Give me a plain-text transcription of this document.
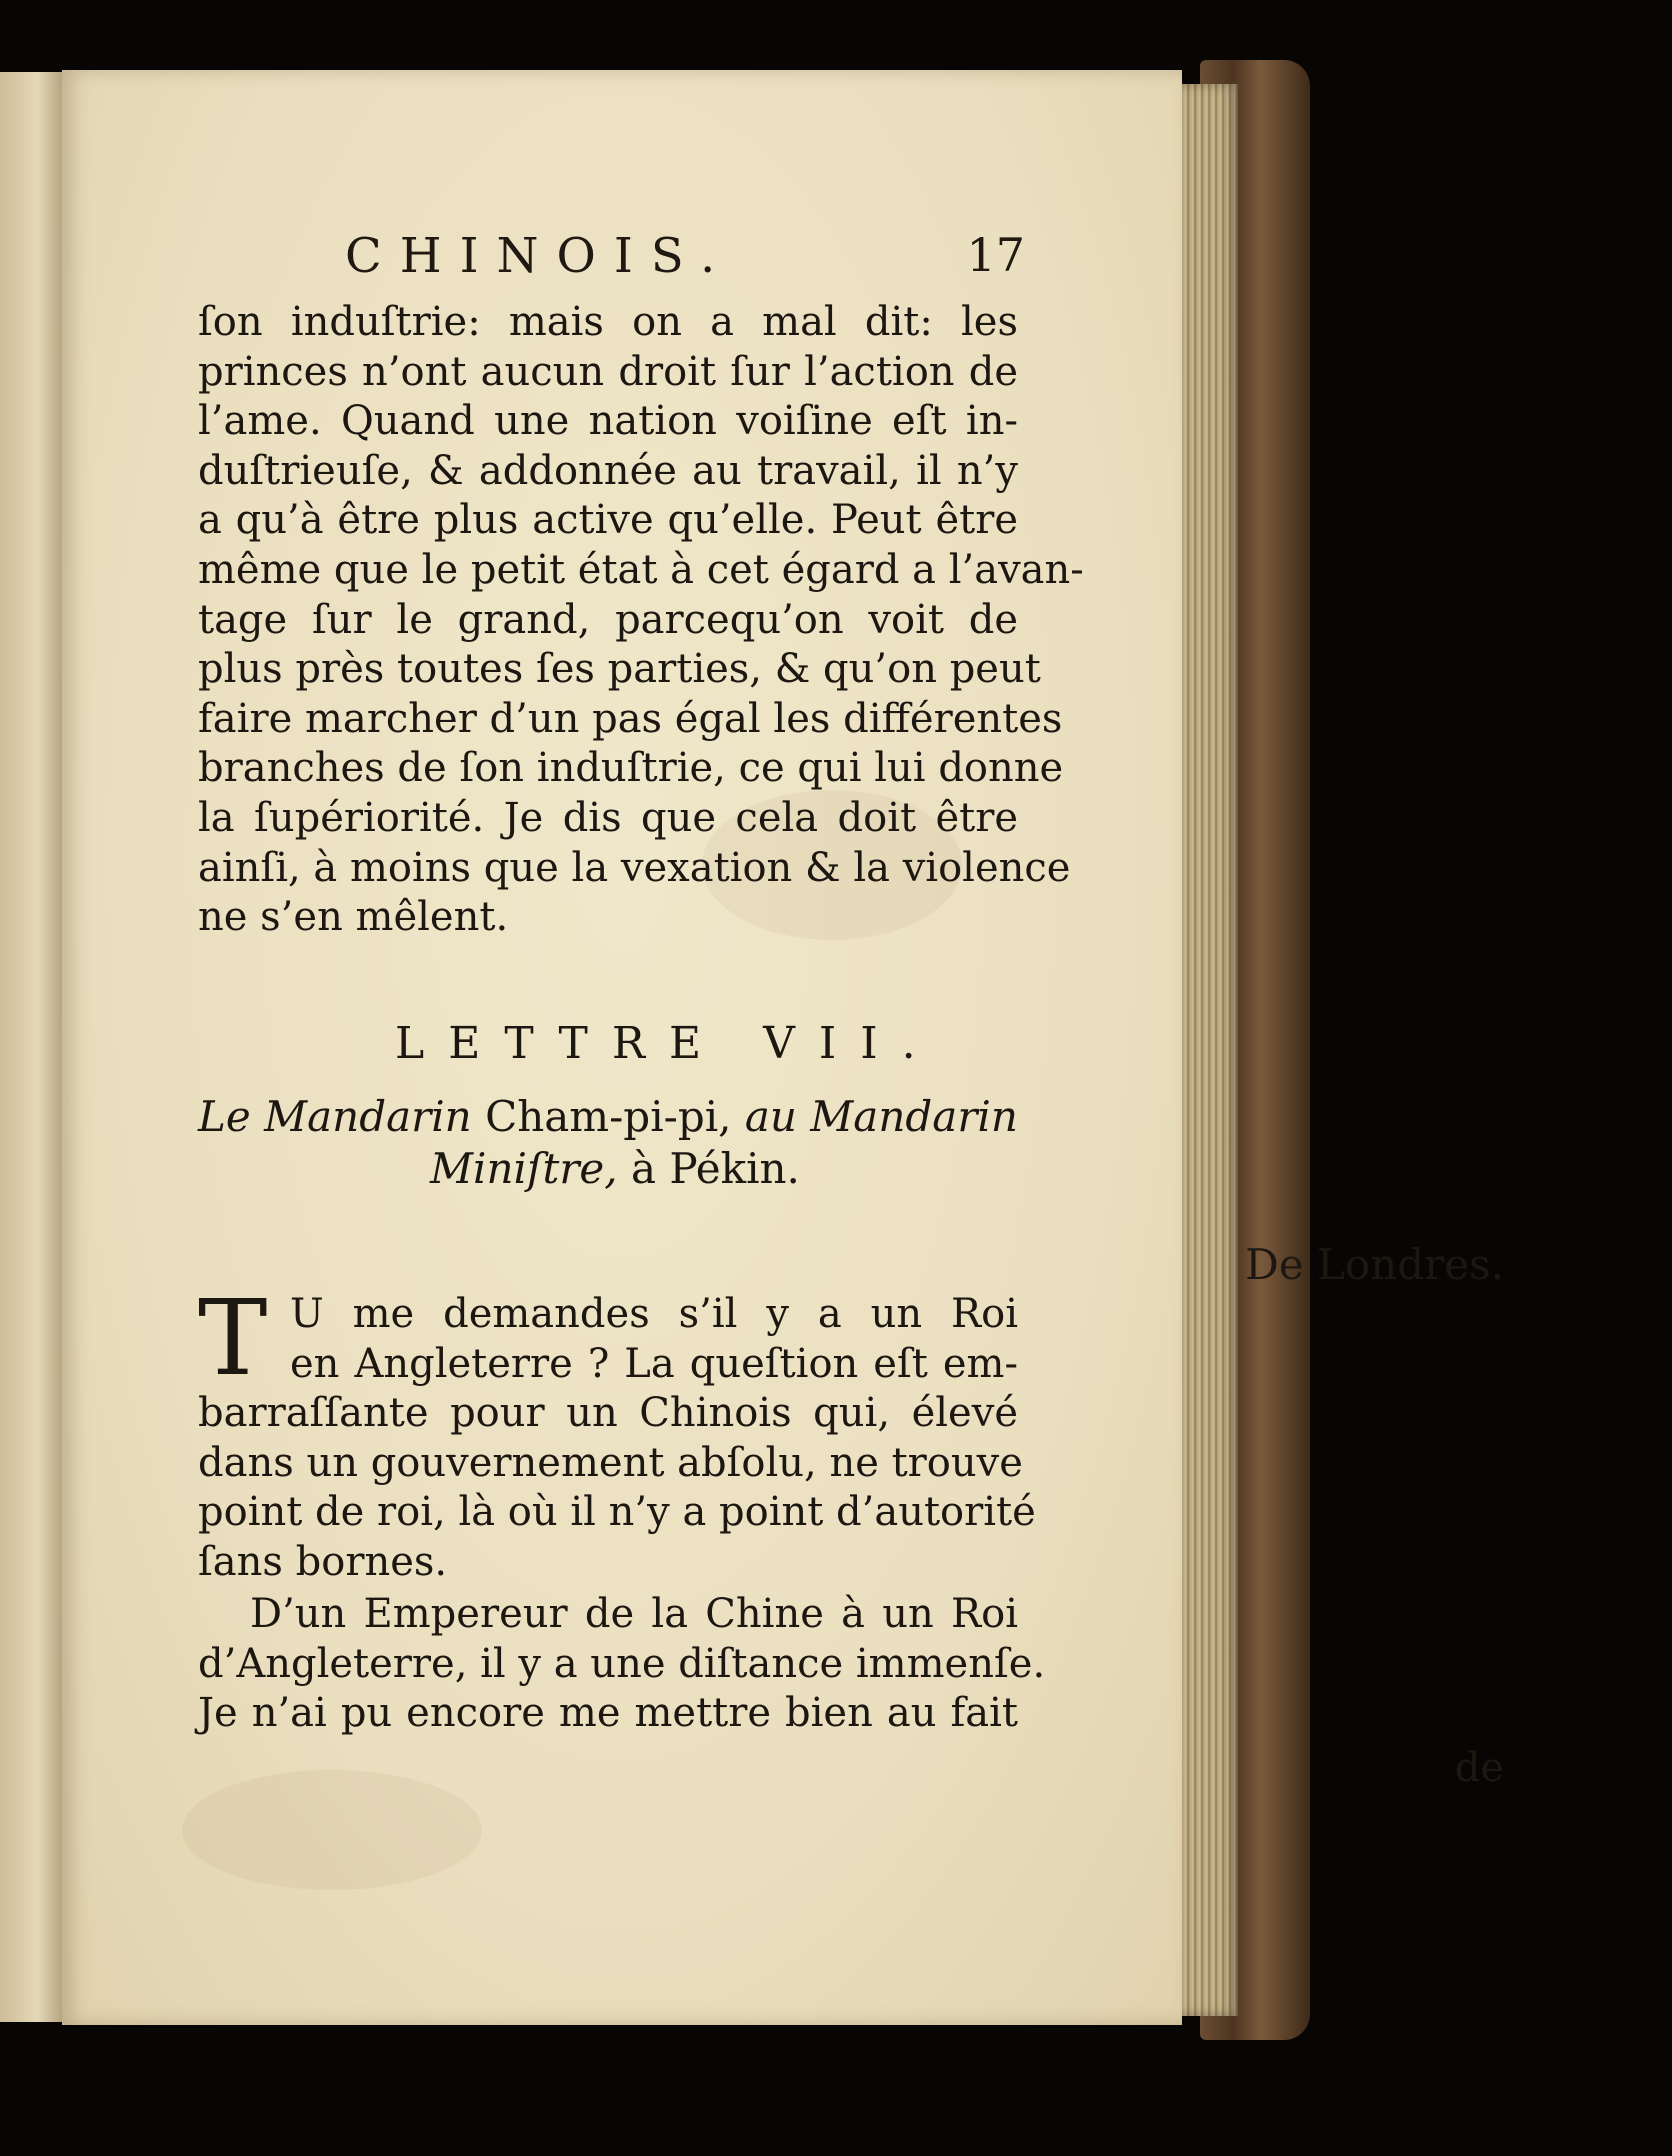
CHINOIS.	17
ſon induſtrie: mais on a mal dit: les
princes n’ont aucun droit ſur l’action de
l’ame. Quand une nation voiſine eſt in-
duſtrieuſe, & addonnée au travail, il n’y
a qu’à être plus active qu’elle. Peut être
même que le petit état à cet égard a l’avan-
tage ſur le grand, parcequ’on voit de
plus près toutes ſes parties, & qu’on peut
faire marcher d’un pas égal les différentes
branches de ſon induſtrie, ce qui lui donne
la ſupériorité. Je dis que cela doit être
ainſi, à moins que la vexation & la violence
ne s’en mêlent.
LETTRE VII.
Le Mandarin Cham-pi-pi, au Mandarin
Miniſtre, à Pékin.
De Londres.
T U me demandes s’il y a un Roi
en Angleterre ? La queſtion eſt em-
barraſſante pour un Chinois qui, élevé
dans un gouvernement abſolu, ne trouve
point de roi, là où il n’y a point d’autorité
ſans bornes.
D’un Empereur de la Chine à un Roi
d’Angleterre, il y a une diſtance immenſe.
Je n’ai pu encore me mettre bien au fait
de
